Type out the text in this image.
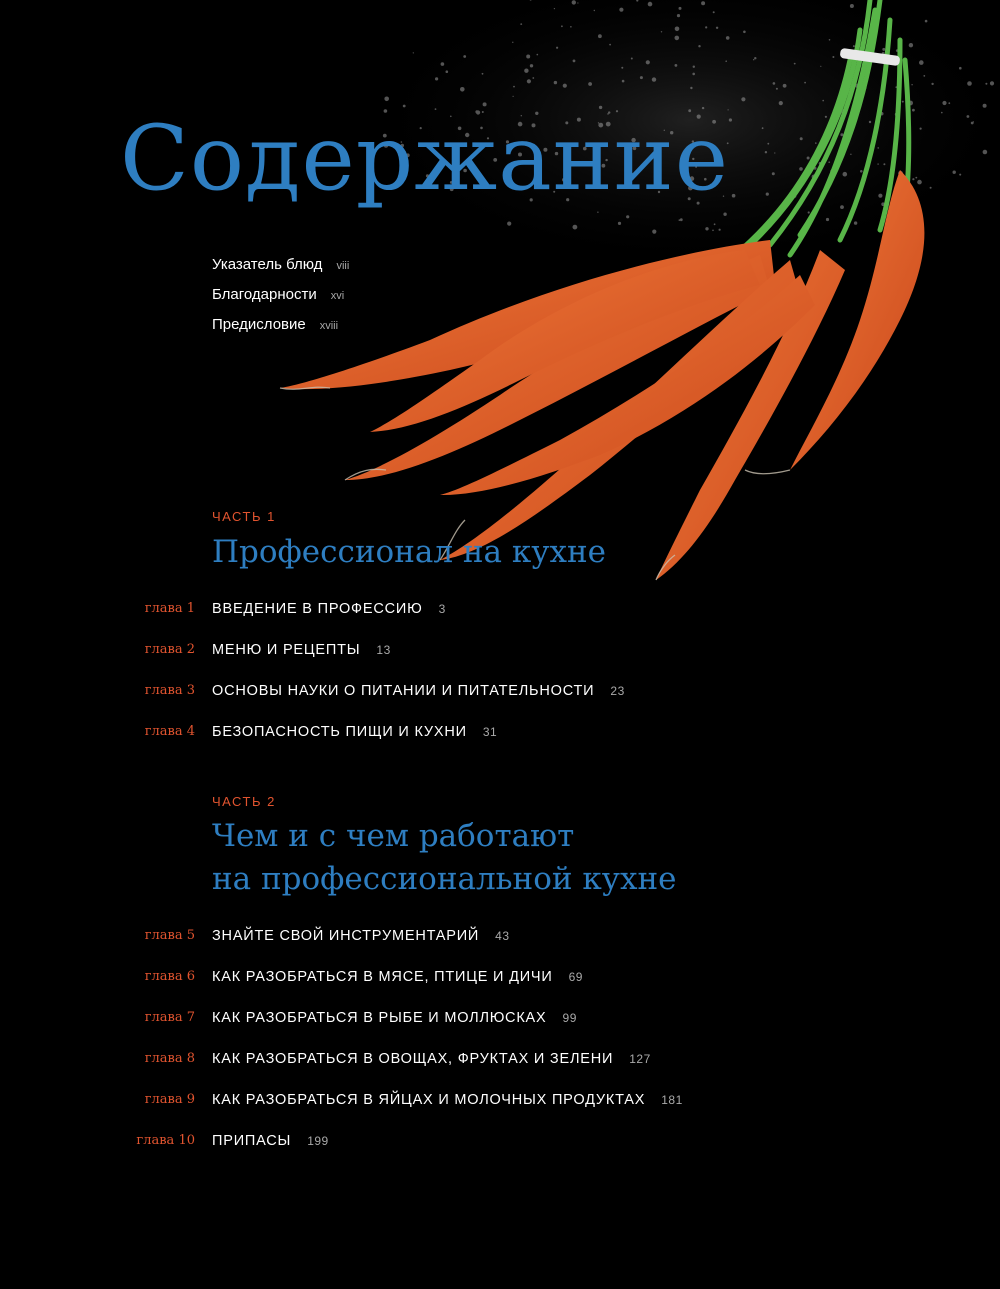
Содержание
Указатель блюд viii
Благодарности xvi
Предисловие xviii

ЧАСТЬ 1

Профессионал на кухне
глава 1 ВВЕДЕНИЕ В ПРОФЕССИЮ 3
глава 2 МЕНЮ И РЕЦЕПТЫ 13
глава 3 ОСНОВЫ НАУКИ О ПИТАНИИ И ПИТАТЕЛЬНОСТИ 23
глава 4 БЕЗОПАСНОСТЬ ПИЩИ И КУХНИ 31

ЧАСТЬ 2

Чем и с чем работают
на профессиональной кухне
глава 5 ЗНАЙТЕ СВОЙ ИНСТРУМЕНТАРИЙ 43
глава 6 КАК РАЗОБРАТЬСЯ В МЯСЕ, ПТИЦЕ И ДИЧИ 69
глава 7 КАК РАЗОБРАТЬСЯ В РЫБЕ И МОЛЛЮСКАХ 99
глава 8 КАК РАЗОБРАТЬСЯ В ОВОЩАХ, ФРУКТАХ И ЗЕЛЕНИ 127
глава 9 КАК РАЗОБРАТЬСЯ В ЯЙЦАХ И МОЛОЧНЫХ ПРОДУКТАХ 181
глава 10 ПРИПАСЫ 199
